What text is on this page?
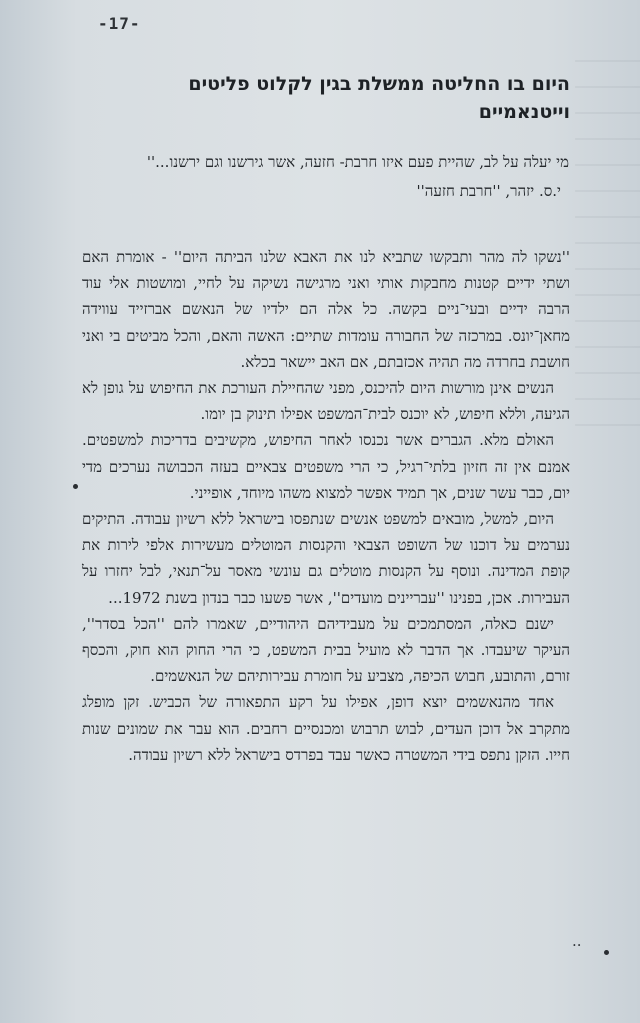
-17-
היום בו החליטה ממשלת בגין לקלוט פליטים וייטנאמיים

מי יעלה על לב, שהיית פעם איזו חרבת- חזעה, אשר גירשנו וגם ירשנו...''

י.ס. יזהר, ''חרבת חזעה''

''נשקו לה מהר ותבקשו שתביא לנו את האבא שלנו הביתה היום'' - אומרת האם ושתי ידיים קטנות מחבקות אותי ואני מרגישה נשיקה על לחיי, ומושטות אלי עוד הרבה ידיים ובעי־ניים בקשה. כל אלה הם ילדיו של הנאשם אברזייד עווידה מחאן־יונס. במרכזה של החבורה עומדות שתיים: האשה והאם, והכל מביטים בי ואני חושבת בחרדה מה תהיה אכזבתם, אם האב יישאר בכלא.

הנשים אינן מורשות היום להיכנס, מפני שהחיילת העורכת את החיפוש על גופן לא הגיעה, וללא חיפוש, לא יוכנס לבית־המשפט אפילו תינוק בן יומו.

האולם מלא. הגברים אשר נכנסו לאחר החיפוש, מקשיבים בדריכות למשפטים. אמנם אין זה חזיון בלתי־רגיל, כי הרי משפטים צבאיים בעזה הכבושה נערכים מדי יום, כבר עשר שנים, אך תמיד אפשר למצוא משהו מיוחד, אופייני.

היום, למשל, מובאים למשפט אנשים שנתפסו בישראל ללא רשיון עבודה. התיקים נערמים על דוכנו של השופט הצבאי והקנסות המוטלים מעשירות אלפי לירות את קופת המדינה. ונוסף על הקנסות מוטלים גם עונשי מאסר על־תנאי, לבל יחזרו על העבירות. אכן, בפנינו ''עבריינים מועדים'', אשר פשעו כבר בנדון בשנת 1972...

ישנם כאלה, המסתמכים על מעבידיהם היהודיים, שאמרו להם ''הכל בסדר'', העיקר שיעבדו. אך הדבר לא מועיל בבית המשפט, כי הרי החוק הוא חוק, והכסף זורם, והתובע, חבוש הכיפה, מצביע על חומרת עבירותיהם של הנאשמים.

אחד מהנאשמים יוצא דופן, אפילו על רקע התפאורה של הכביש. זקן מופלג מתקרב אל דוכן העדים, לבוש תרבוש ומכנסיים רחבים. הוא עבר את שמונים שנות חייו. הזקן נתפס בידי המשטרה כאשר עבד בפרדס בישראל ללא רשיון עבודה.

..
